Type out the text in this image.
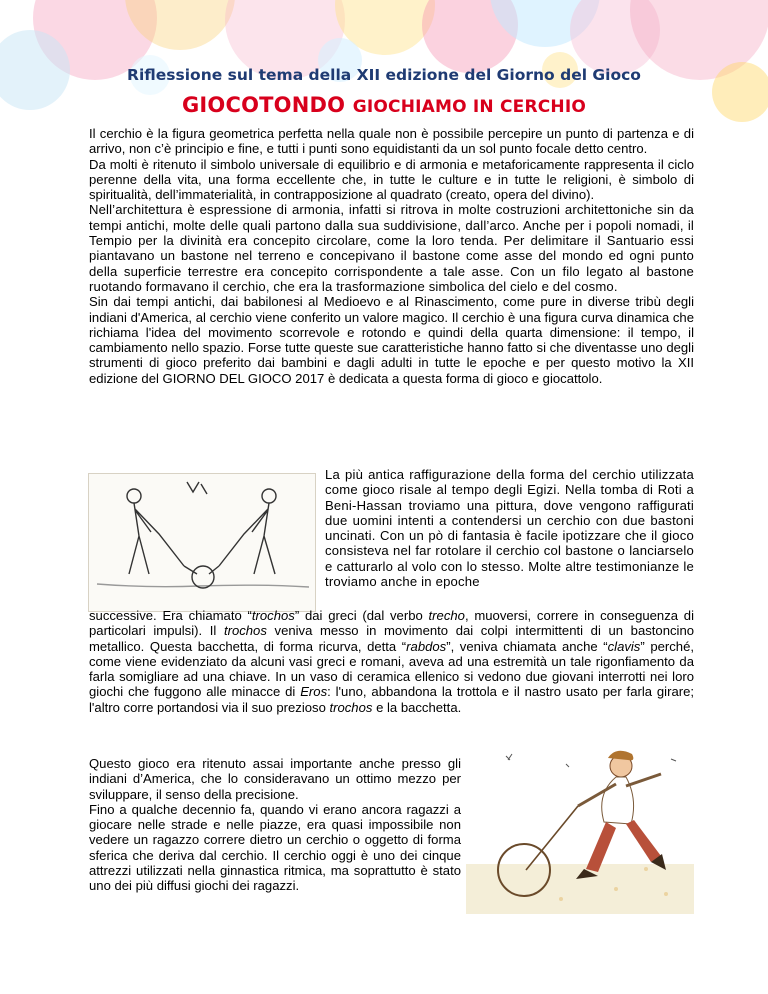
Riflessione sul tema della XII edizione del Giorno del Gioco
GIOCOTONDO GIOCHIAMO IN CERCHIO

Il cerchio è la figura geometrica perfetta nella quale non è possibile percepire un punto di partenza e di arrivo, non c’è principio e fine, e tutti i punti sono equidistanti da un sol punto focale detto centro.

Da molti è ritenuto il simbolo universale di equilibrio e di armonia e metaforicamente rappresenta il ciclo perenne della vita, una forma eccellente che, in tutte le culture e in tutte le religioni, è simbolo di spiritualità, dell’immaterialità, in contrapposizione al quadrato (creato, opera del divino).

Nell’architettura è espressione di armonia, infatti si ritrova in molte costruzioni architettoniche sin da tempi antichi, molte delle quali partono dalla sua suddivisione, dall’arco. Anche per i popoli nomadi, il Tempio per la divinità era concepito circolare, come la loro tenda. Per delimitare il Santuario essi piantavano un bastone nel terreno e concepivano il bastone come asse del mondo ed ogni punto della superficie terrestre era concepito corrispondente a tale asse. Con un filo legato al bastone ruotando formavano il cerchio, che era la trasformazione simbolica del cielo e del cosmo.

Sin dai tempi antichi, dai babilonesi al Medioevo e al Rinascimento, come pure in diverse tribù degli indiani d'America, al cerchio viene conferito un valore magico. Il cerchio è una figura curva dinamica che richiama l'idea del movimento scorrevole e rotondo e quindi della quarta dimensione: il tempo, il cambiamento nello spazio. Forse tutte queste sue caratteristiche hanno fatto si che diventasse uno degli strumenti di gioco preferito dai bambini e dagli adulti in tutte le epoche e per questo motivo la XII edizione del GIORNO DEL GIOCO 2017 è dedicata a questa forma di gioco e giocattolo.

La più antica raffigurazione della forma del cerchio utilizzata come gioco risale al tempo degli Egizi. Nella tomba di Roti a Beni-Hassan troviamo una pittura, dove vengono raffigurati due uomini intenti a contendersi un cerchio con due bastoni uncinati. Con un pò di fantasia è facile ipotizzare che il gioco consisteva nel far rotolare il cerchio col bastone o lanciarselo e catturarlo al volo con lo stesso. Molte altre testimonianze le troviamo anche in epoche

successive. Era chiamato “trochos” dai greci (dal verbo trecho, muoversi, correre in conseguenza di particolari impulsi). Il trochos veniva messo in movimento dai colpi intermittenti di un bastoncino metallico. Questa bacchetta, di forma ricurva, detta “rabdos”, veniva chiamata anche “clavis” perché, come viene evidenziato da alcuni vasi greci e romani, aveva ad una estremità un tale rigonfiamento da farla somigliare ad una chiave. In un vaso di ceramica ellenico si vedono due giovani interrotti nei loro giochi che fuggono alle minacce di Eros: l'uno, abbandona la trottola e il nastro usato per farla girare; l'altro corre portandosi via il suo prezioso trochos e la bacchetta.

Questo gioco era ritenuto assai importante anche presso gli indiani d’America, che lo consideravano un ottimo mezzo per sviluppare, il senso della precisione.

Fino a qualche decennio fa, quando vi erano ancora ragazzi a giocare nelle strade e nelle piazze, era quasi impossibile non vedere un ragazzo correre dietro un cerchio o oggetto di forma sferica che deriva dal cerchio. Il cerchio oggi è uno dei cinque attrezzi utilizzati nella ginnastica ritmica, ma soprattutto è stato uno dei più diffusi giochi dei ragazzi.
